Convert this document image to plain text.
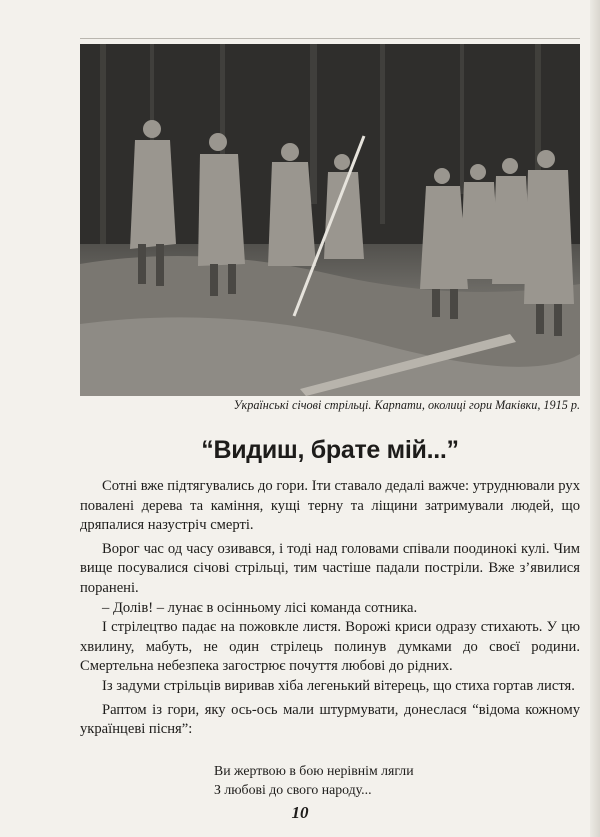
Українські січові стрільці. Карпати, околиці гори Маківки, 1915 р.
“Видиш, брате мій...”

Сотні вже підтягувались до гори. Іти ставало дедалі важче: утруднювали рух повалені дерева та каміння, кущі терну та ліщини затримували людей, що дряпалися назустріч смерті.

Ворог час од часу озивався, і тоді над головами співали поодинокі кулі. Чим вище посувалися січові стрільці, тим частіше падали постріли. Вже з’явилися поранені.

– Долів! – лунає в осінньому лісі команда сотника.

І стрілецтво падає на пожовкле листя. Ворожі криси одразу стихають. У цю хвилину, мабуть, не один стрілець полинув думками до своєї родини. Смертельна небезпека загострює почуття любові до рідних.

Із задуми стрільців виривав хіба легенький вітерець, що стиха гортав листя.

Раптом із гори, яку ось-ось мали штурмувати, донеслася “відома кожному українцеві пісня”:

Ви жертвою в бою нерівнім лягли
З любові до свого народу...
10
